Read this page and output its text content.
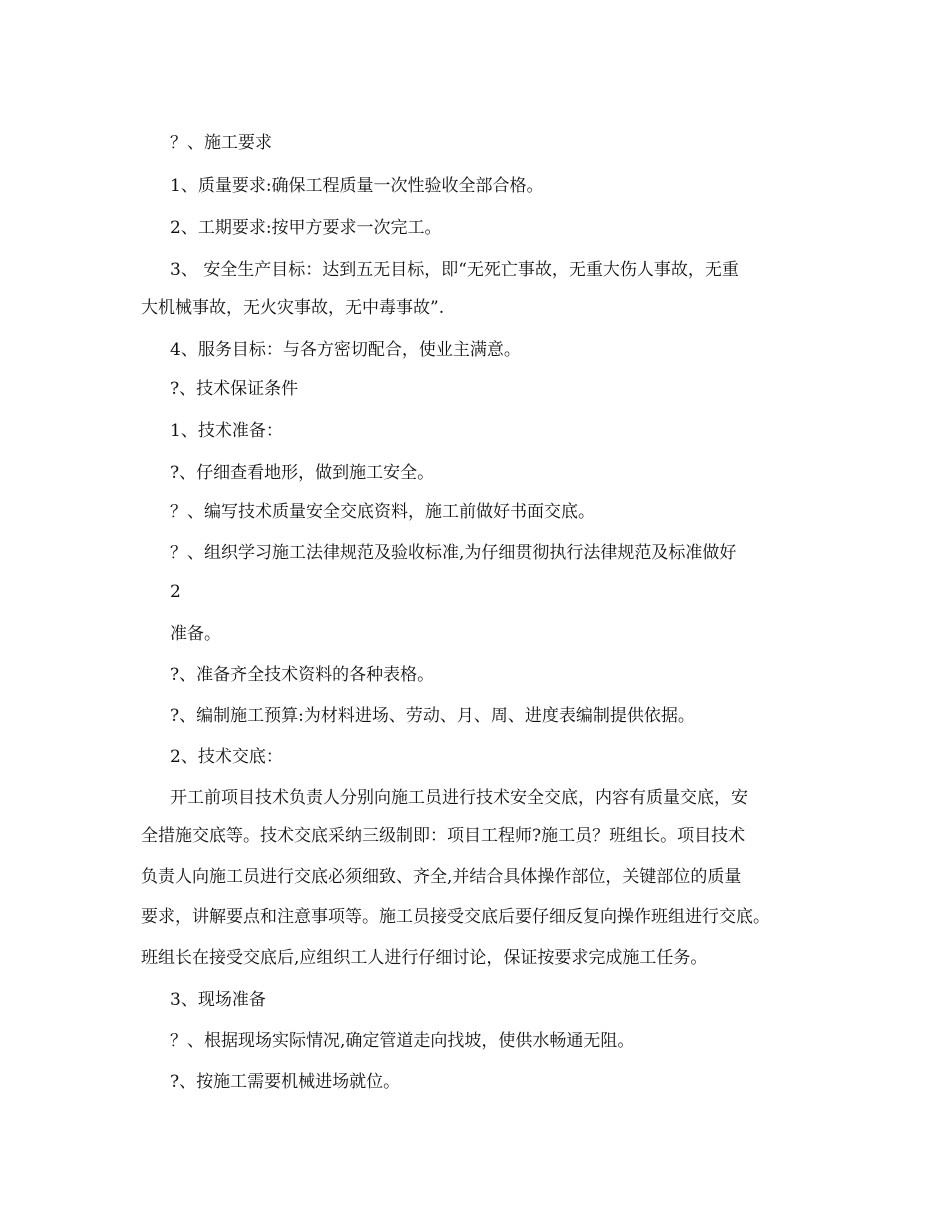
？、施工要求

1、质量要求:确保工程质量一次性验收全部合格。

2、工期要求:按甲方要求一次完工。

3、 安全生产目标：达到五无目标，即“无死亡事故，无重大伤人事故，无重

大机械事故，无火灾事故，无中毒事故”.

4、服务目标：与各方密切配合，使业主满意。

?、技术保证条件

1、技术准备：

?、仔细查看地形，做到施工安全。

？、编写技术质量安全交底资料，施工前做好书面交底。

？、组织学习施工法律规范及验收标准,为仔细贯彻执行法律规范及标准做好

2

准备。

?、准备齐全技术资料的各种表格。

?、编制施工预算:为材料进场、劳动、月、周、进度表编制提供依据。

2、技术交底：

开工前项目技术负责人分别向施工员进行技术安全交底，内容有质量交底，安

全措施交底等。技术交底采纳三级制即：项目工程师?施工员？班组长。项目技术

负责人向施工员进行交底必须细致、齐全,并结合具体操作部位，关键部位的质量

要求，讲解要点和注意事项等。施工员接受交底后要仔细反复向操作班组进行交底。

班组长在接受交底后,应组织工人进行仔细讨论，保证按要求完成施工任务。

3、现场准备

？、根据现场实际情况,确定管道走向找坡，使供水畅通无阻。

?、按施工需要机械进场就位。
